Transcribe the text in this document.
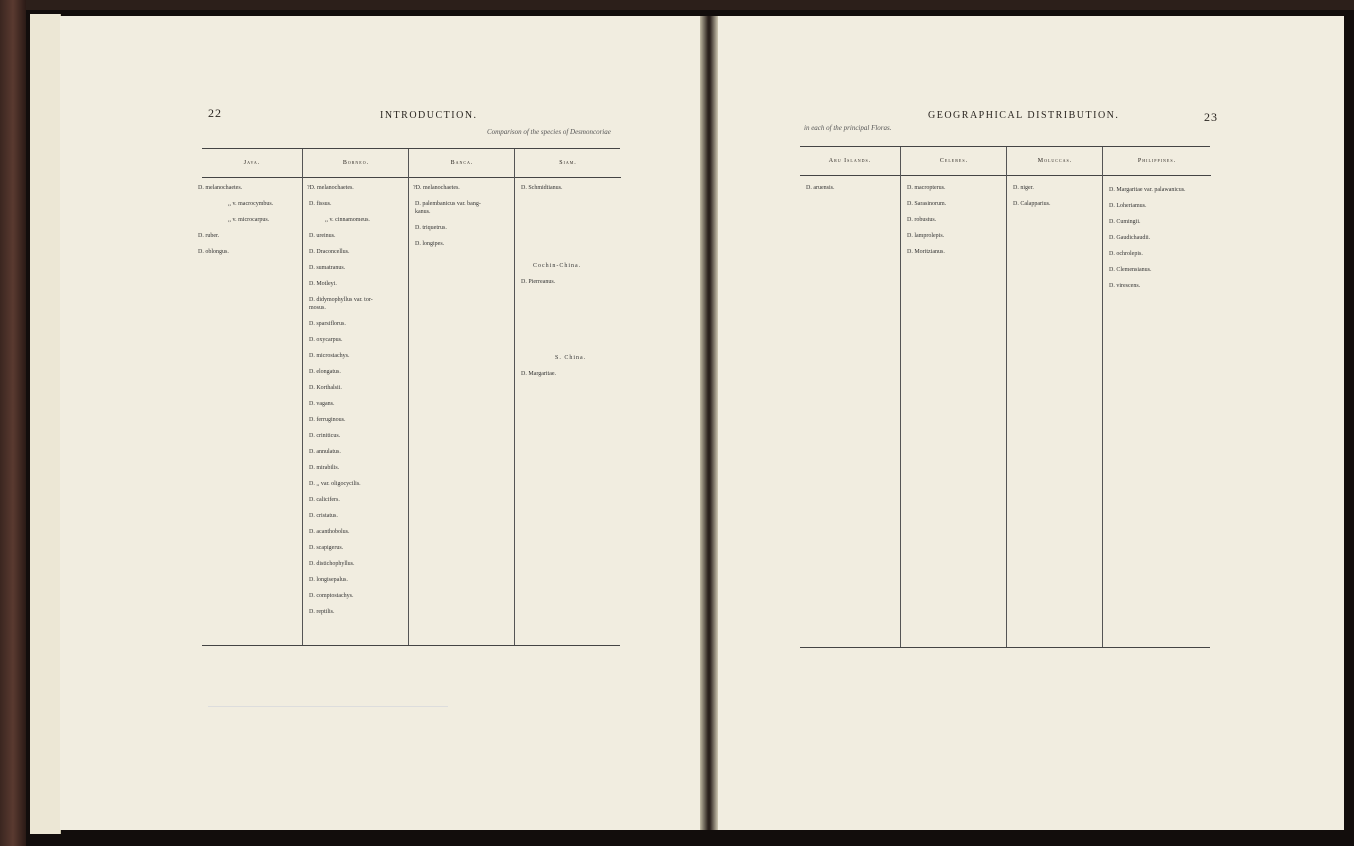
22	INTRODUCTION.
Comparison of the species of Desmoncoriae
Java.
D. melanochaetes.
,, v. macrocymbus.
,, v. microcarpus.
D. ruber.
D. oblongus.
Borneo.
?D. melanochaetes.
D. fissus.
,, v. cinnamomeus.
D. ureinus.
D. Draconcellus.
D. sumatranus.
D. Motleyi.
D. didymophyllus var. tor-
mosus.
D. sparsiflorus.
D. oxycarpus.
D. microstachys.
D. elongatus.
D. Korthalsii.
D. vagans.
D. ferruginous.
D. criniticus.
D. annulatus.
D. mirabilis.
D. ,, var. oligocycilis.
D. calicifers.
D. cristatus.
D. acanthobolus.
D. scapigerus.
D. distichophyllus.
D. longisepalus.
D. comptostachys.
D. reptilis.
Banca.
?D. melanochaetes.
D. palembanicus var. bang-
kanus.
D. triquetrus.
D. longipes.
Siam.
D. Schmidtianus.
Cochin-China.
D. Pierreanus.
S. China.
D. Margaritae.
GEOGRAPHICAL DISTRIBUTION.	23
in each of the principal Floras.
Aru Islands.
D. aruensis.
Celebes.
D. macropterus.
D. Sarasinorum.
D. robustus.
D. lamprolepis.
D. Moritzianus.
Moluccas.
D. niger.
D. Calapparius.
Philippines.
D. Margaritae var. palawanicus.
D. Loheriamus.
D. Cumingii.
D. Gaudichaudii.
D. ochrolepis.
D. Clemensianus.
D. virescens.
